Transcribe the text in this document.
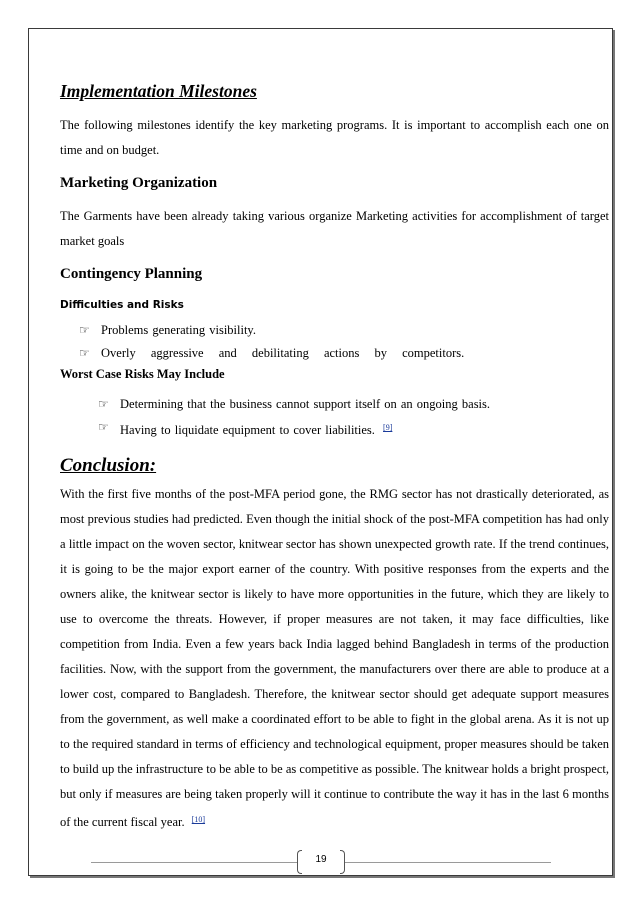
Implementation Milestones

The following milestones identify the key marketing programs. It is important to accomplish each one on time and on budget.

Marketing Organization

The Garments have been already taking various organize Marketing activities for accomplishment of target market goals

Contingency Planning
Difficulties and Risks
☞ Problems generating visibility.
☞ Overly aggressive and debilitating actions by competitors.
Worst Case Risks May Include
☞ Determining that the business cannot support itself on an ongoing basis.
☞ Having to liquidate equipment to cover liabilities. [9]
Conclusion:

With the first five months of the post-MFA period gone, the RMG sector has not drastically deteriorated, as most previous studies had predicted. Even though the initial shock of the post-MFA competition has had only a little impact on the woven sector, knitwear sector has shown unexpected growth rate. If the trend continues, it is going to be the major export earner of the country. With positive responses from the experts and the owners alike, the knitwear sector is likely to have more opportunities in the future, which they are likely to use to overcome the threats. However, if proper measures are not taken, it may face difficulties, like competition from India. Even a few years back India lagged behind Bangladesh in terms of the production facilities. Now, with the support from the government, the manufacturers over there are able to produce at a lower cost, compared to Bangladesh. Therefore, the knitwear sector should get adequate support measures from the government, as well make a coordinated effort to be able to fight in the global arena. As it is not up to the required standard in terms of efficiency and technological equipment, proper measures should be taken to build up the infrastructure to be able to be as competitive as possible. The knitwear holds a bright prospect, but only if measures are being taken properly will it continue to contribute the way it has in the last 6 months of the current fiscal year. [10]

19
